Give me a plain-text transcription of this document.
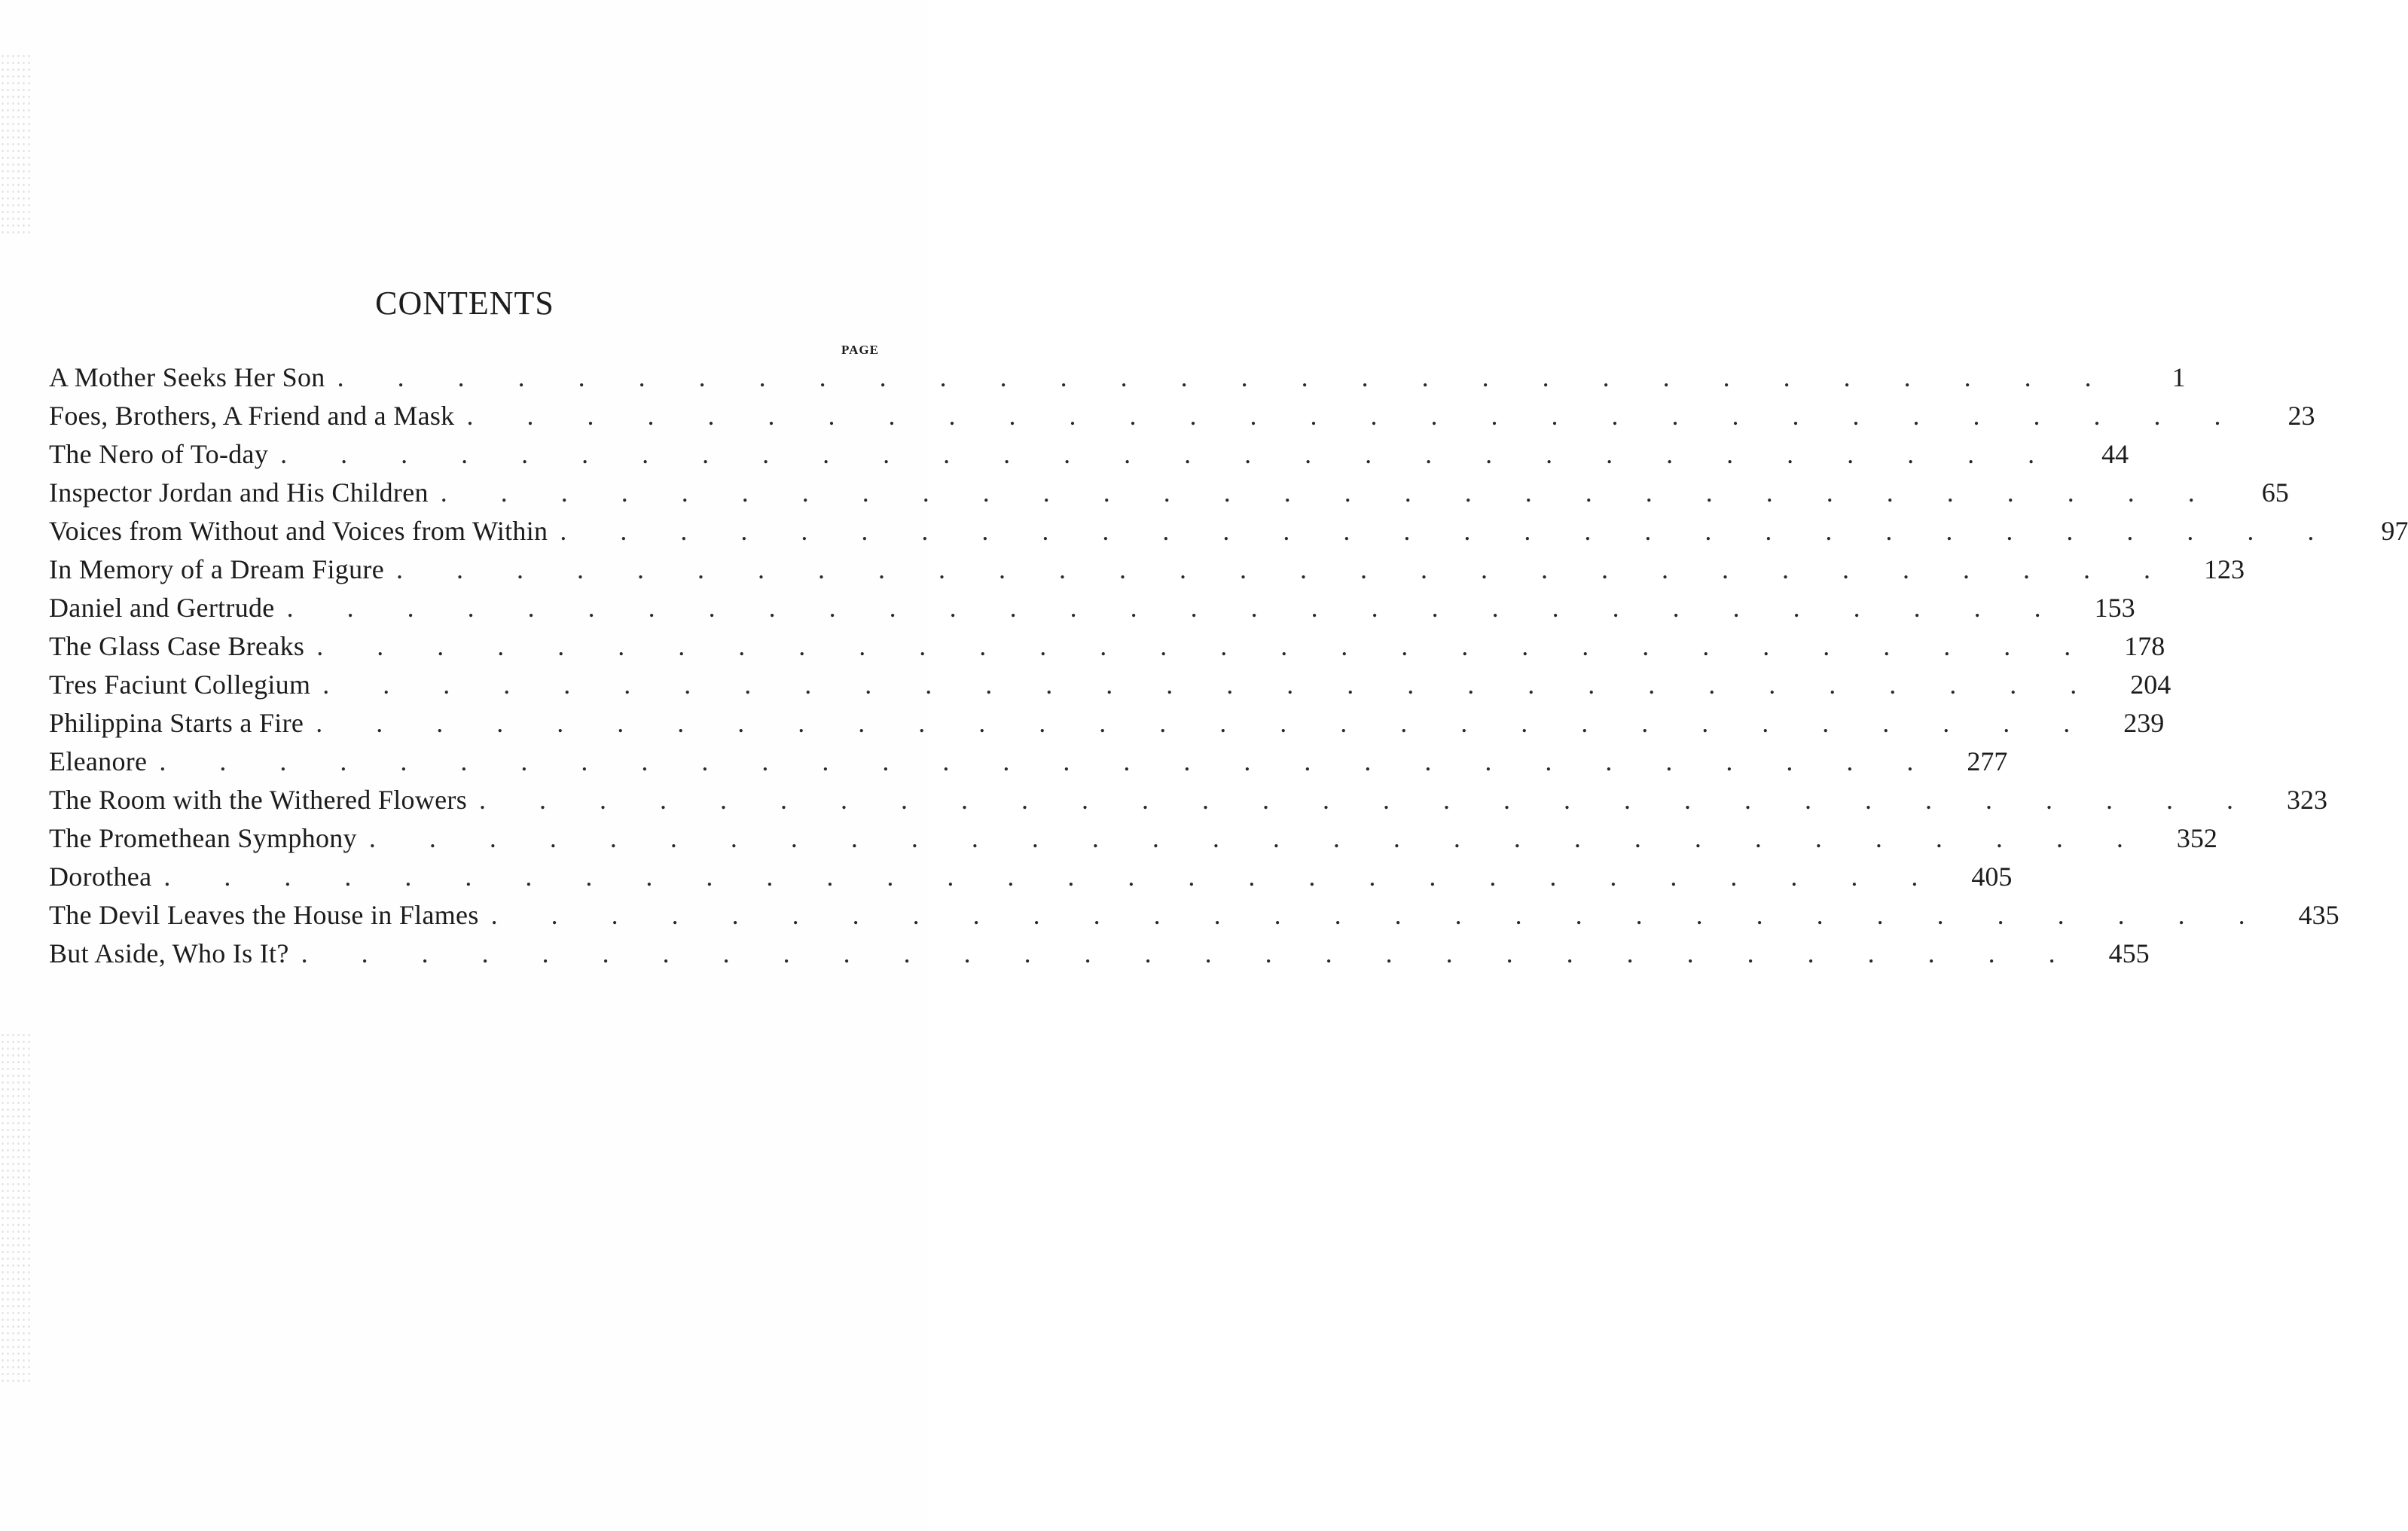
CONTENTS
PAGE
A Mother Seeks Her Son . . . . . . . . . . . . . . . . . . . . . . . . . . . . . .	1
Foes, Brothers, A Friend and a Mask . . . . . . . . . . . . . . . . . . . . . . . . . . . . . .	23
The Nero of To-day . . . . . . . . . . . . . . . . . . . . . . . . . . . . . .	44
Inspector Jordan and His Children . . . . . . . . . . . . . . . . . . . . . . . . . . . . . .	65
Voices from Without and Voices from Within . . . . . . . . . . . . . . . . . . . . . . . . . . . . . .	97
In Memory of a Dream Figure . . . . . . . . . . . . . . . . . . . . . . . . . . . . . .	123
Daniel and Gertrude . . . . . . . . . . . . . . . . . . . . . . . . . . . . . .	153
The Glass Case Breaks . . . . . . . . . . . . . . . . . . . . . . . . . . . . . .	178
Tres Faciunt Collegium . . . . . . . . . . . . . . . . . . . . . . . . . . . . . .	204
Philippina Starts a Fire . . . . . . . . . . . . . . . . . . . . . . . . . . . . . .	239
Eleanore . . . . . . . . . . . . . . . . . . . . . . . . . . . . . .	277
The Room with the Withered Flowers . . . . . . . . . . . . . . . . . . . . . . . . . . . . . .	323
The Promethean Symphony . . . . . . . . . . . . . . . . . . . . . . . . . . . . . .	352
Dorothea . . . . . . . . . . . . . . . . . . . . . . . . . . . . . .	405
The Devil Leaves the House in Flames . . . . . . . . . . . . . . . . . . . . . . . . . . . . . .	435
But Aside, Who Is It? . . . . . . . . . . . . . . . . . . . . . . . . . . . . . .	455
